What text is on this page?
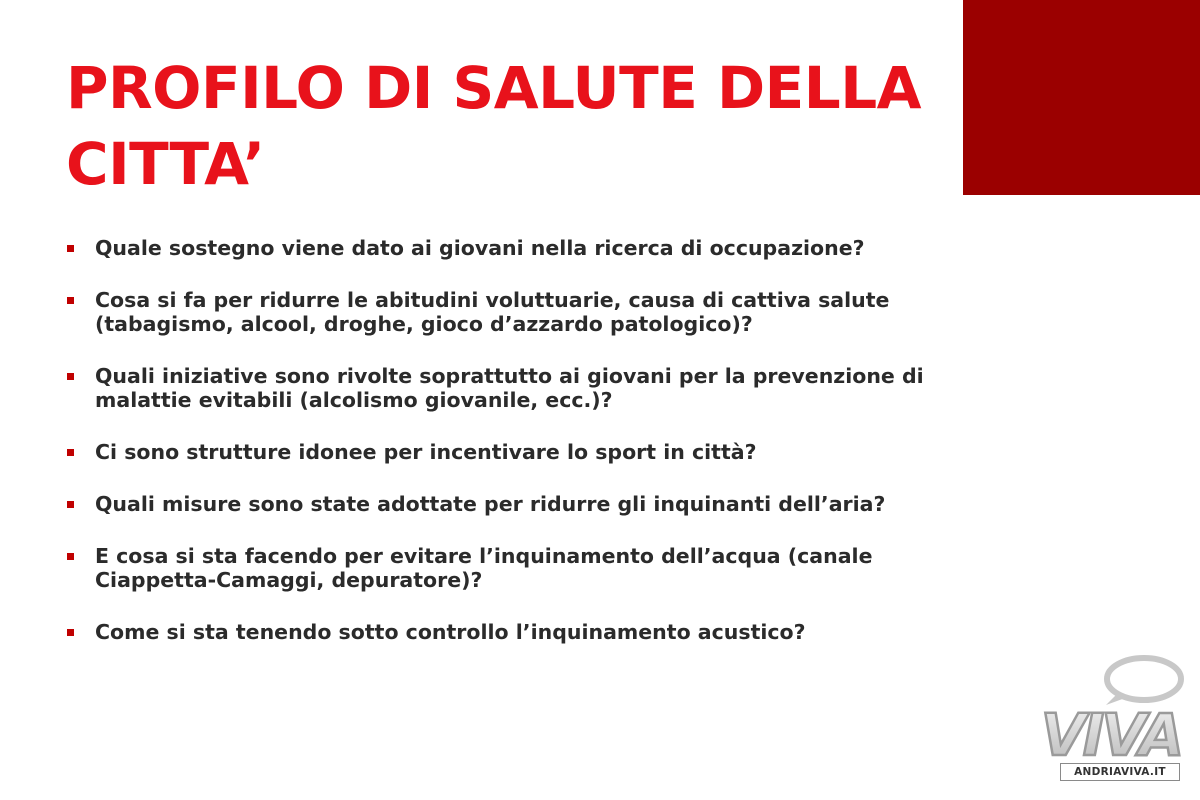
PROFILO DI SALUTE DELLA
CITTA’
Quale sostegno viene dato ai giovani nella ricerca di occupazione?
Cosa si fa per ridurre le abitudini voluttuarie, causa di cattiva salute
(tabagismo, alcool, droghe, gioco d’azzardo patologico)?
Quali iniziative sono rivolte soprattutto ai giovani per la prevenzione di
malattie evitabili (alcolismo giovanile, ecc.)?
Ci sono strutture idonee per incentivare lo sport in città?
Quali misure sono state adottate per ridurre gli inquinanti dell’aria?
E cosa si sta facendo per evitare l’inquinamento dell’acqua (canale
Ciappetta-Camaggi, depuratore)?
Come si sta tenendo sotto controllo l’inquinamento acustico?
VIVA
ANDRIAVIVA.IT
